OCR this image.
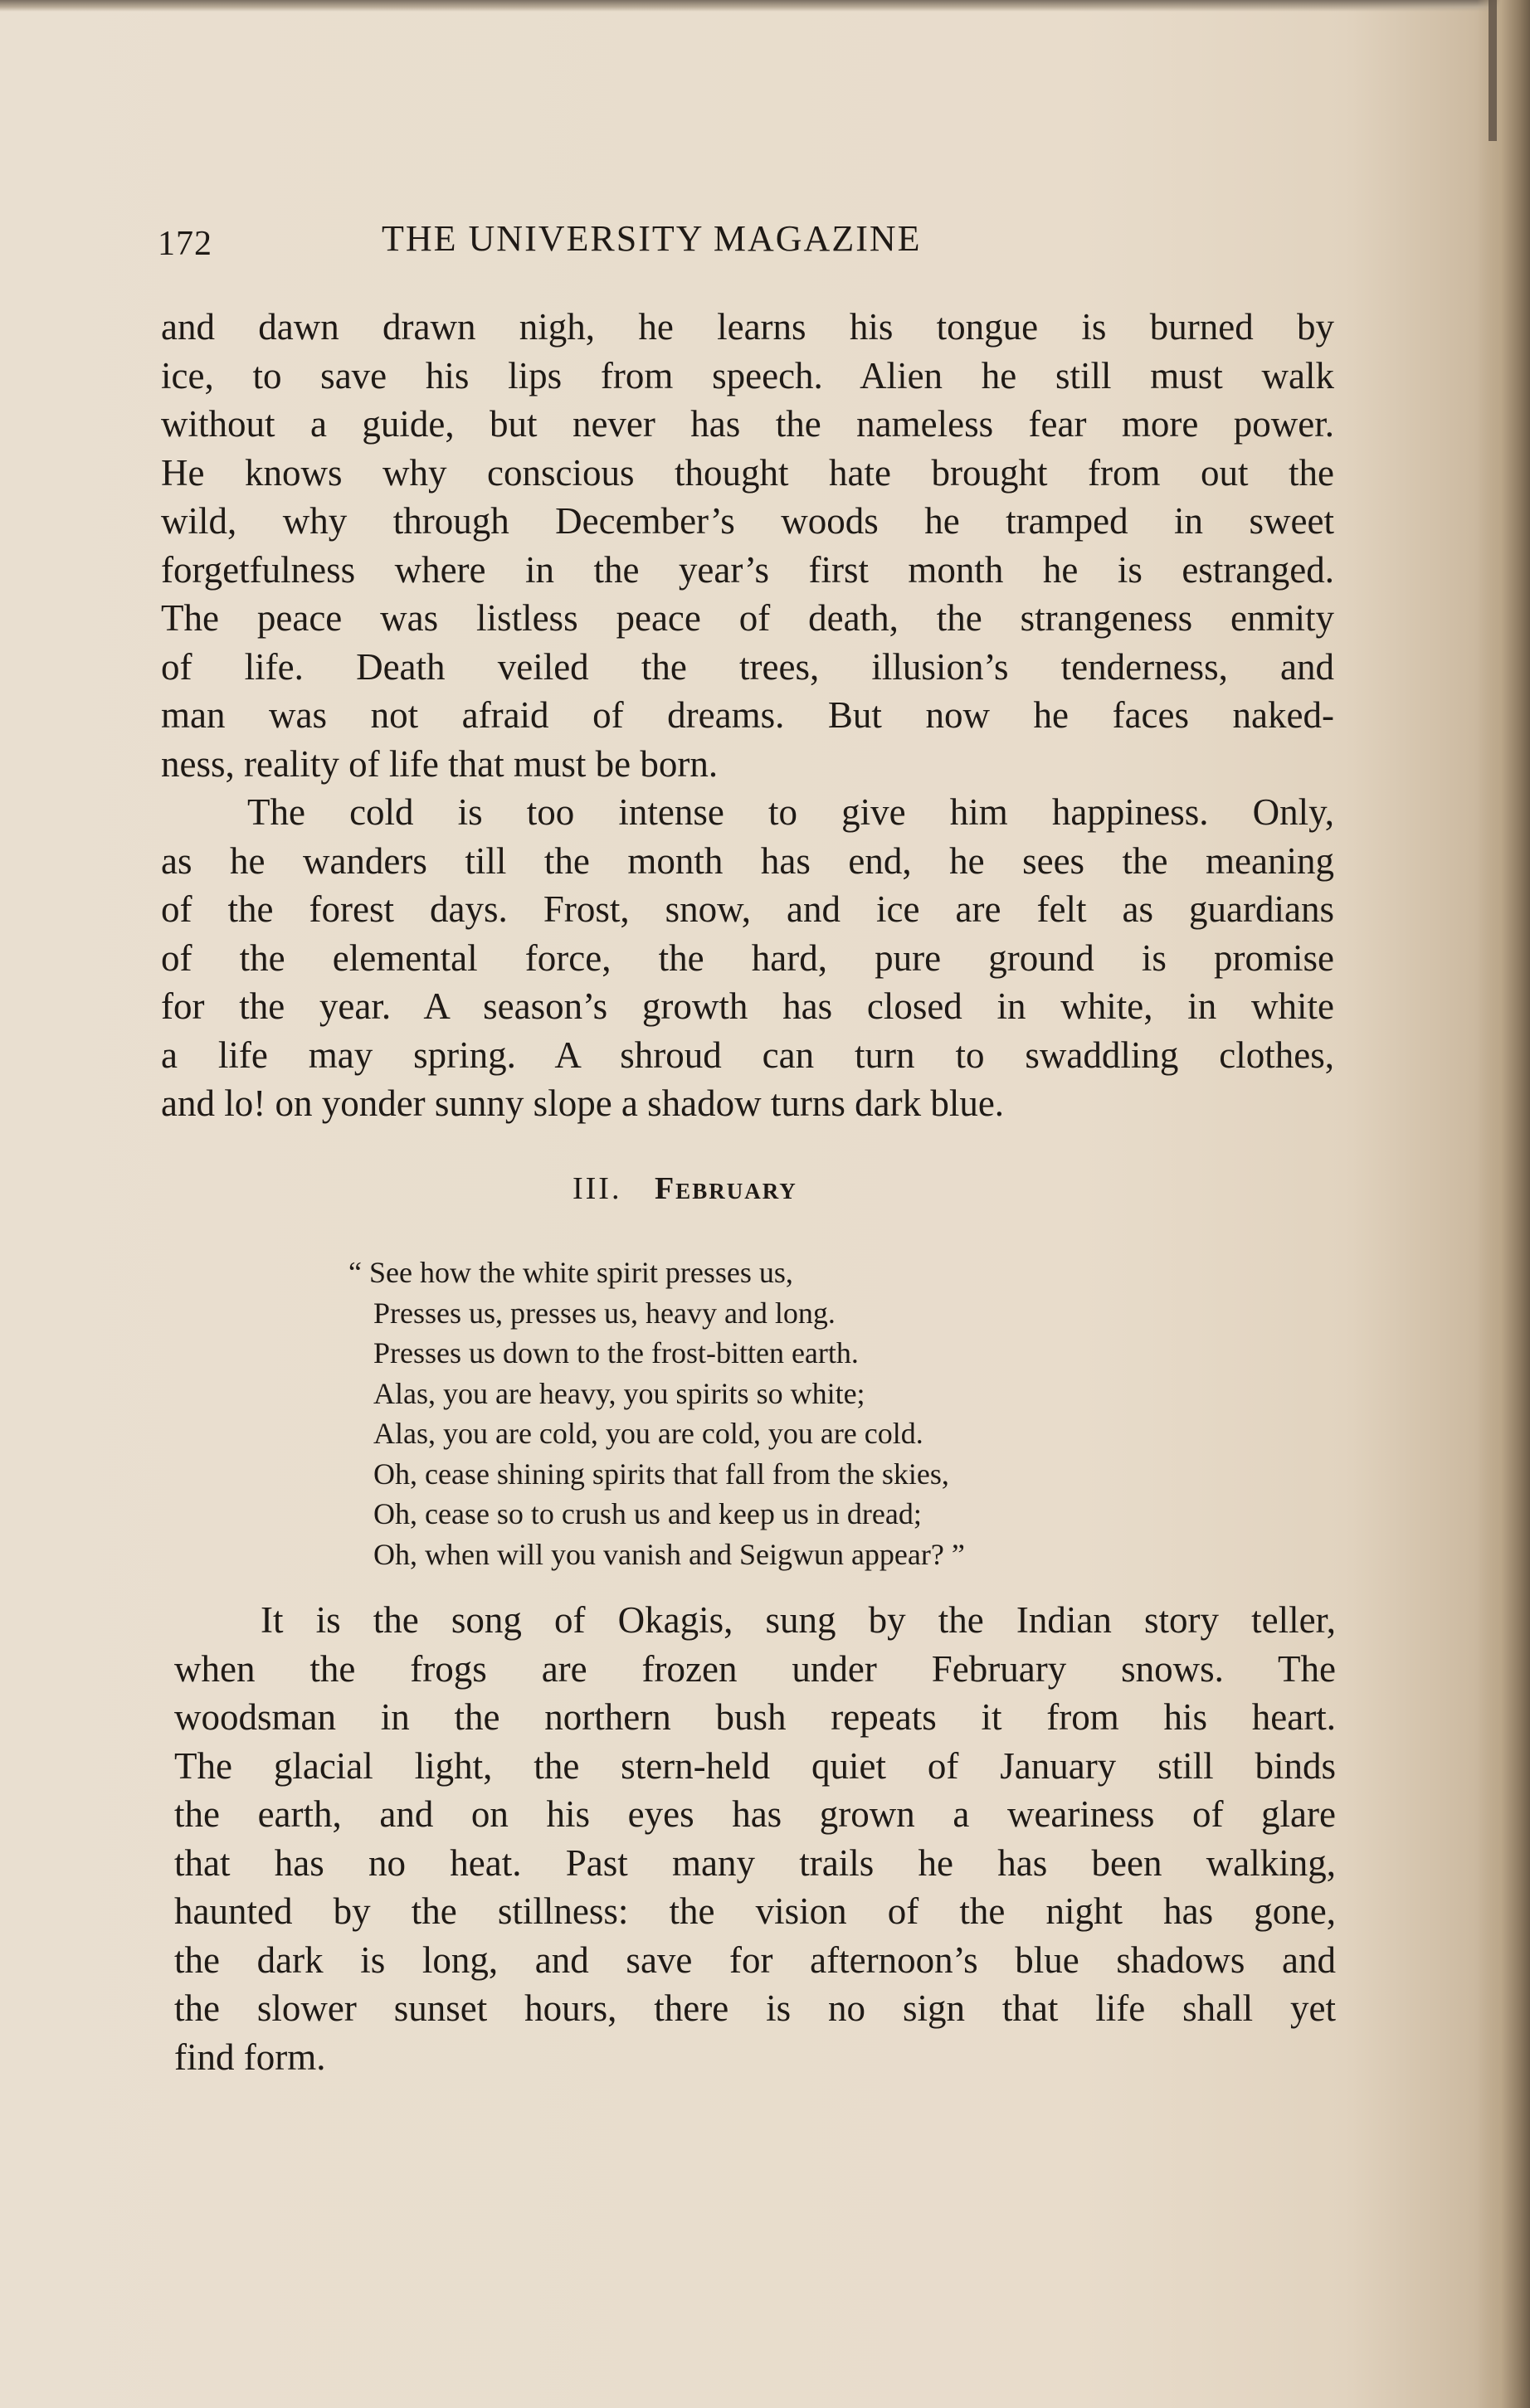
172	THE UNIVERSITY MAGAZINE
and dawn drawn nigh, he learns his tongue is burned by
ice, to save his lips from speech. Alien he still must walk
without a guide, but never has the nameless fear more power.
He knows why conscious thought hate brought from out the
wild, why through December’s woods he tramped in sweet
forgetfulness where in the year’s first month he is estranged.
The peace was listless peace of death, the strangeness enmity
of life. Death veiled the trees, illusion’s tenderness, and
man was not afraid of dreams. But now he faces naked-
ness, reality of life that must be born.
The cold is too intense to give him happiness. Only,
as he wanders till the month has end, he sees the meaning
of the forest days. Frost, snow, and ice are felt as guardians
of the elemental force, the hard, pure ground is promise
for the year. A season’s growth has closed in white, in white
a life may spring. A shroud can turn to swaddling clothes,
and lo! on yonder sunny slope a shadow turns dark blue.
III. February
“ See how the white spirit presses us,
Presses us, presses us, heavy and long.
Presses us down to the frost-bitten earth.
Alas, you are heavy, you spirits so white;
Alas, you are cold, you are cold, you are cold.
Oh, cease shining spirits that fall from the skies,
Oh, cease so to crush us and keep us in dread;
Oh, when will you vanish and Seigwun appear? ”
It is the song of Okagis, sung by the Indian story teller,
when the frogs are frozen under February snows. The
woodsman in the northern bush repeats it from his heart.
The glacial light, the stern-held quiet of January still binds
the earth, and on his eyes has grown a weariness of glare
that has no heat. Past many trails he has been walking,
haunted by the stillness: the vision of the night has gone,
the dark is long, and save for afternoon’s blue shadows and
the slower sunset hours, there is no sign that life shall yet
find form.
